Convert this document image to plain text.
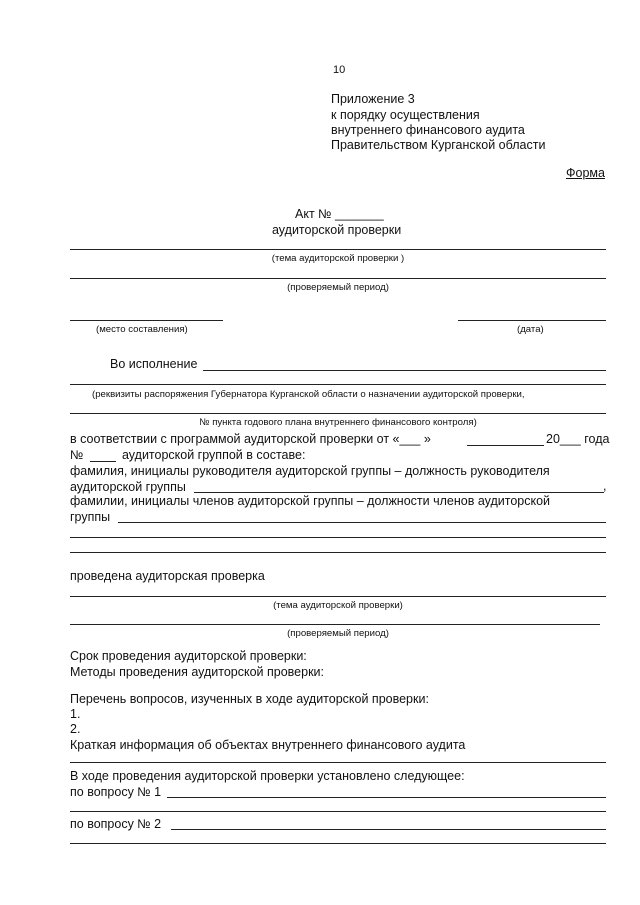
10
Приложение 3
к порядку осуществления
внутреннего финансового аудита
Правительством Курганской области
Форма
Акт № _______
аудиторской проверки
(тема аудиторской проверки )
(проверяемый период)
(место составления)	(дата)
Во исполнение
(реквизиты распоряжения Губернатора Курганской области о назначении аудиторской проверки,
№ пункта годового плана внутреннего финансового контроля)
в соответствии с программой аудиторской проверки от «___ »	20___ года
№	аудиторской группой в составе:
фамилия, инициалы руководителя аудиторской группы – должность руководителя
аудиторской группы	,
фамилии, инициалы членов аудиторской группы – должности членов аудиторской
группы
проведена аудиторская проверка
(тема аудиторской проверки)
(проверяемый период)
Срок проведения аудиторской проверки:
Методы проведения аудиторской проверки:
Перечень вопросов, изученных в ходе аудиторской проверки:
1.
2.
Краткая информация об объектах внутреннего финансового аудита
В ходе проведения аудиторской проверки установлено следующее:
по вопросу № 1
по вопросу № 2
